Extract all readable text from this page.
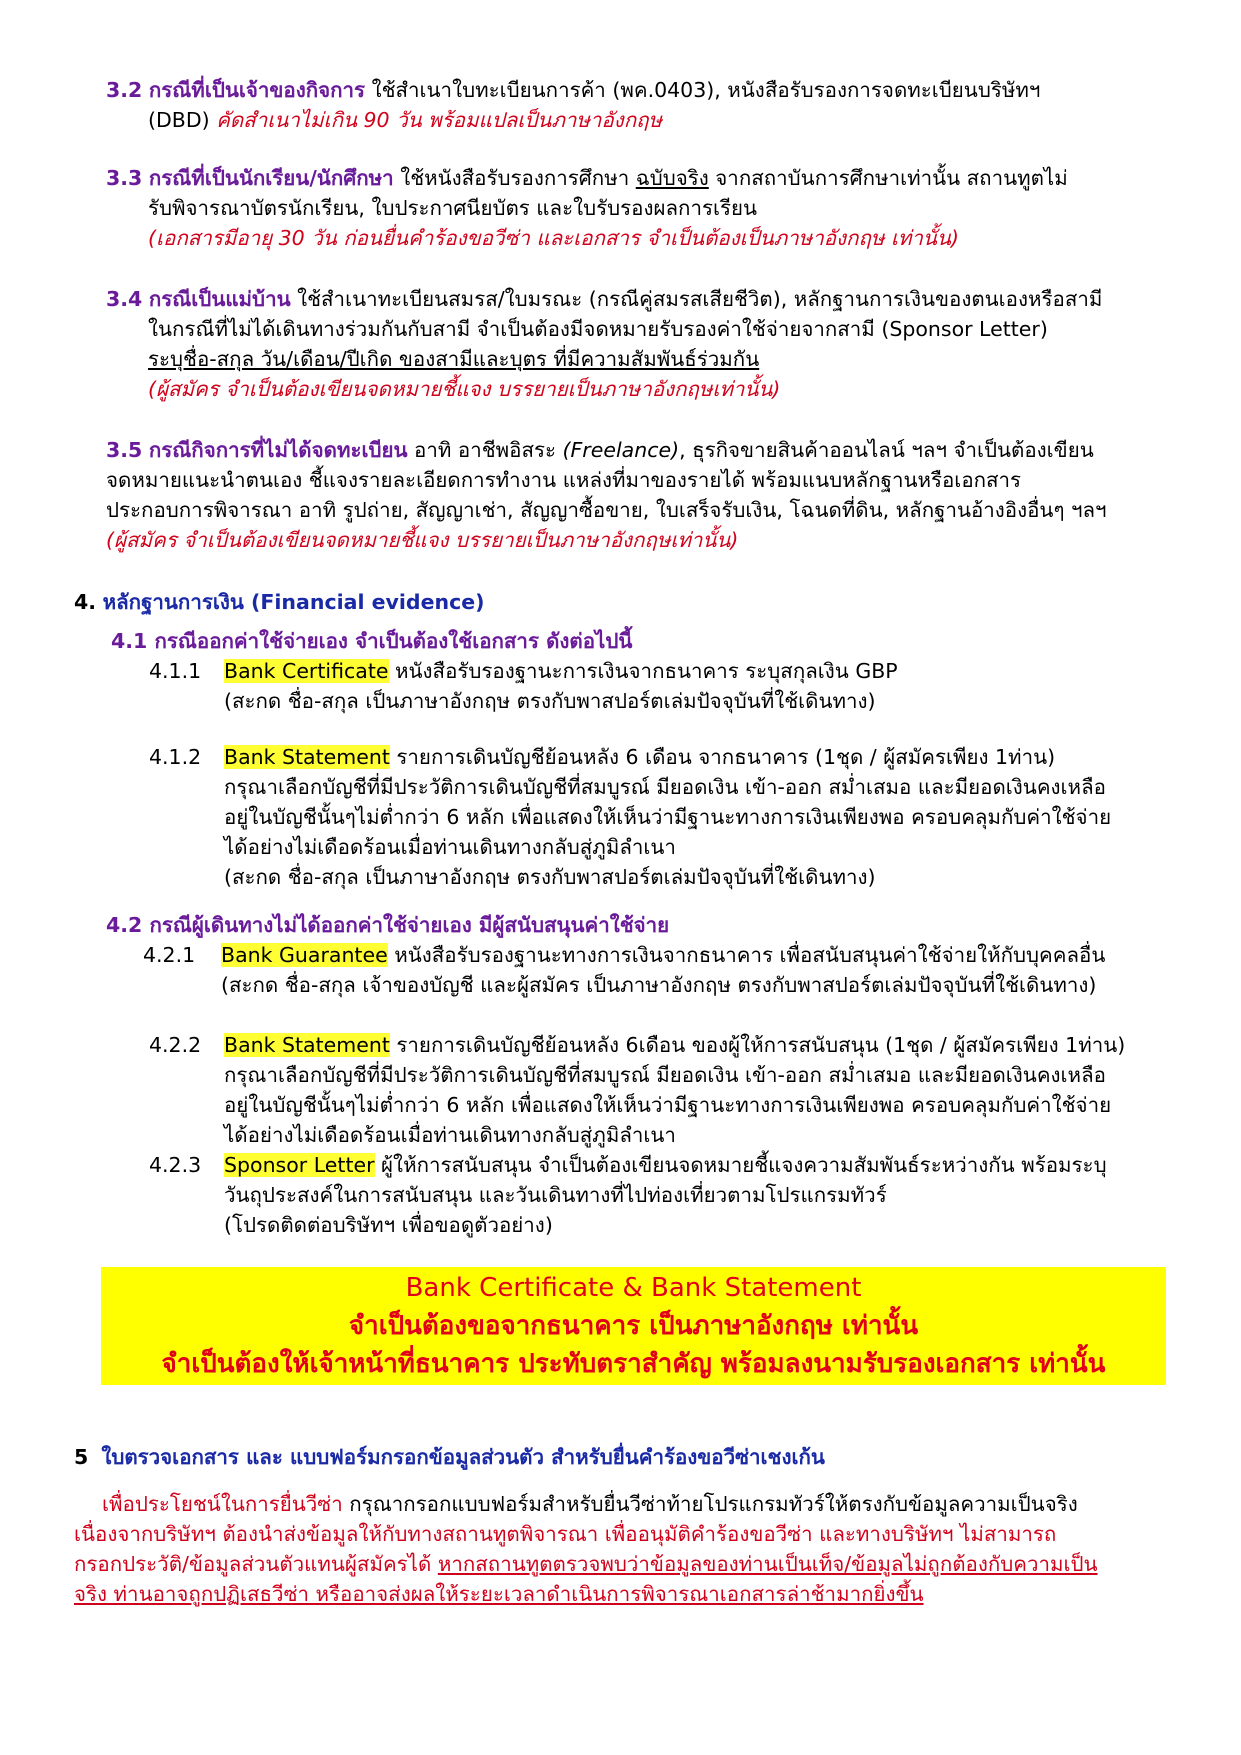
3.2 กรณีที่เป็นเจ้าของกิจการ ใช้สำเนาใบทะเบียนการค้า (พค.0403), หนังสือรับรองการจดทะเบียนบริษัทฯ
(DBD) คัดสำเนาไม่เกิน 90 วัน พร้อมแปลเป็นภาษาอังกฤษ
3.3 กรณีที่เป็นนักเรียน/นักศึกษา ใช้หนังสือรับรองการศึกษา ฉบับจริง จากสถาบันการศึกษาเท่านั้น สถานทูตไม่
รับพิจารณาบัตรนักเรียน, ใบประกาศนียบัตร และใบรับรองผลการเรียน
(เอกสารมีอายุ 30 วัน ก่อนยื่นคำร้องขอวีซ่า และเอกสาร จำเป็นต้องเป็นภาษาอังกฤษ เท่านั้น)
3.4 กรณีเป็นแม่บ้าน ใช้สำเนาทะเบียนสมรส/ใบมรณะ (กรณีคู่สมรสเสียชีวิต), หลักฐานการเงินของตนเองหรือสามี
ในกรณีที่ไม่ได้เดินทางร่วมกันกับสามี จำเป็นต้องมีจดหมายรับรองค่าใช้จ่ายจากสามี (Sponsor Letter)
ระบุชื่อ-สกุล วัน/เดือน/ปีเกิด ของสามีและบุตร ที่มีความสัมพันธ์ร่วมกัน
(ผู้สมัคร จำเป็นต้องเขียนจดหมายชี้แจง บรรยายเป็นภาษาอังกฤษเท่านั้น)
3.5 กรณีกิจการที่ไม่ได้จดทะเบียน อาทิ อาชีพอิสระ (Freelance), ธุรกิจขายสินค้าออนไลน์ ฯลฯ จำเป็นต้องเขียน
จดหมายแนะนำตนเอง ชี้แจงรายละเอียดการทำงาน แหล่งที่มาของรายได้ พร้อมแนบหลักฐานหรือเอกสาร
ประกอบการพิจารณา อาทิ รูปถ่าย, สัญญาเช่า, สัญญาซื้อขาย, ใบเสร็จรับเงิน, โฉนดที่ดิน, หลักฐานอ้างอิงอื่นๆ ฯลฯ
(ผู้สมัคร จำเป็นต้องเขียนจดหมายชี้แจง บรรยายเป็นภาษาอังกฤษเท่านั้น)
4. หลักฐานการเงิน (Financial evidence)
4.1 กรณีออกค่าใช้จ่ายเอง จำเป็นต้องใช้เอกสาร ดังต่อไปนี้
4.1.1 Bank Certificate หนังสือรับรองฐานะการเงินจากธนาคาร ระบุสกุลเงิน GBP
(สะกด ชื่อ-สกุล เป็นภาษาอังกฤษ ตรงกับพาสปอร์ตเล่มปัจจุบันที่ใช้เดินทาง)
4.1.2 Bank Statement รายการเดินบัญชีย้อนหลัง 6 เดือน จากธนาคาร (1ชุด / ผู้สมัครเพียง 1ท่าน)
กรุณาเลือกบัญชีที่มีประวัติการเดินบัญชีที่สมบูรณ์ มียอดเงิน เข้า-ออก สม่ำเสมอ และมียอดเงินคงเหลือ
อยู่ในบัญชีนั้นๆไม่ต่ำกว่า 6 หลัก เพื่อแสดงให้เห็นว่ามีฐานะทางการเงินเพียงพอ ครอบคลุมกับค่าใช้จ่าย
ได้อย่างไม่เดือดร้อนเมื่อท่านเดินทางกลับสู่ภูมิลำเนา
(สะกด ชื่อ-สกุล เป็นภาษาอังกฤษ ตรงกับพาสปอร์ตเล่มปัจจุบันที่ใช้เดินทาง)
4.2 กรณีผู้เดินทางไม่ได้ออกค่าใช้จ่ายเอง มีผู้สนับสนุนค่าใช้จ่าย
4.2.1 Bank Guarantee หนังสือรับรองฐานะทางการเงินจากธนาคาร เพื่อสนับสนุนค่าใช้จ่ายให้กับบุคคลอื่น
(สะกด ชื่อ-สกุล เจ้าของบัญชี และผู้สมัคร เป็นภาษาอังกฤษ ตรงกับพาสปอร์ตเล่มปัจจุบันที่ใช้เดินทาง)
4.2.2 Bank Statement รายการเดินบัญชีย้อนหลัง 6เดือน ของผู้ให้การสนับสนุน (1ชุด / ผู้สมัครเพียง 1ท่าน)
กรุณาเลือกบัญชีที่มีประวัติการเดินบัญชีที่สมบูรณ์ มียอดเงิน เข้า-ออก สม่ำเสมอ และมียอดเงินคงเหลือ
อยู่ในบัญชีนั้นๆไม่ต่ำกว่า 6 หลัก เพื่อแสดงให้เห็นว่ามีฐานะทางการเงินเพียงพอ ครอบคลุมกับค่าใช้จ่าย
ได้อย่างไม่เดือดร้อนเมื่อท่านเดินทางกลับสู่ภูมิลำเนา
4.2.3 Sponsor Letter ผู้ให้การสนับสนุน จำเป็นต้องเขียนจดหมายชี้แจงความสัมพันธ์ระหว่างกัน พร้อมระบุ
วันถุประสงค์ในการสนับสนุน และวันเดินทางที่ไปท่องเที่ยวตามโปรแกรมทัวร์
(โปรดติดต่อบริษัทฯ เพื่อขอดูตัวอย่าง)
Bank Certificate & Bank Statement
จำเป็นต้องขอจากธนาคาร เป็นภาษาอังกฤษ เท่านั้น
จำเป็นต้องให้เจ้าหน้าที่ธนาคาร ประทับตราสำคัญ พร้อมลงนามรับรองเอกสาร เท่านั้น
5 ใบตรวจเอกสาร และ แบบฟอร์มกรอกข้อมูลส่วนตัว สำหรับยื่นคำร้องขอวีซ่าเชงเก้น
เพื่อประโยชน์ในการยื่นวีซ่า กรุณากรอกแบบฟอร์มสำหรับยื่นวีซ่าท้ายโปรแกรมทัวร์ให้ตรงกับข้อมูลความเป็นจริง
เนื่องจากบริษัทฯ ต้องนำส่งข้อมูลให้กับทางสถานทูตพิจารณา เพื่ออนุมัติคำร้องขอวีซ่า และทางบริษัทฯ ไม่สามารถ
กรอกประวัติ/ข้อมูลส่วนตัวแทนผู้สมัครได้ หากสถานทูตตรวจพบว่าข้อมูลของท่านเป็นเท็จ/ข้อมูลไม่ถูกต้องกับความเป็น
จริง ท่านอาจถูกปฏิเสธวีซ่า หรืออาจส่งผลให้ระยะเวลาดำเนินการพิจารณาเอกสารล่าช้ามากยิ่งขึ้น
